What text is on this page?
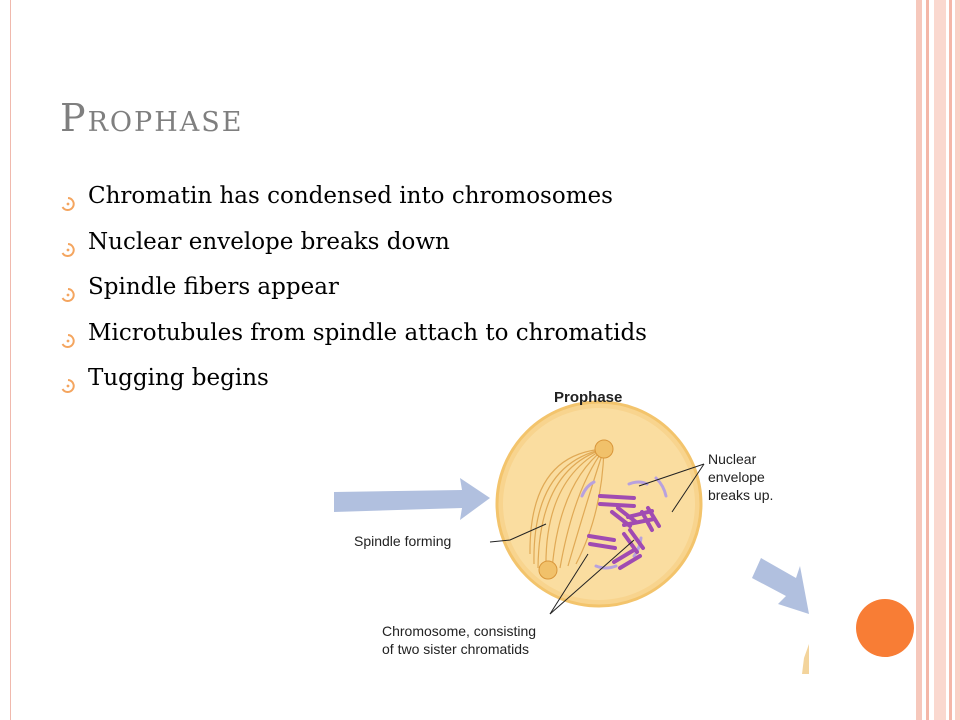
Prophase
Chromatin has condensed into chromosomes
Nuclear envelope breaks down
Spindle fibers appear
Microtubules from spindle attach to chromatids
Tugging begins
Prophase
Nuclear envelope breaks up.
Spindle forming
Chromosome, consisting of two sister chromatids
